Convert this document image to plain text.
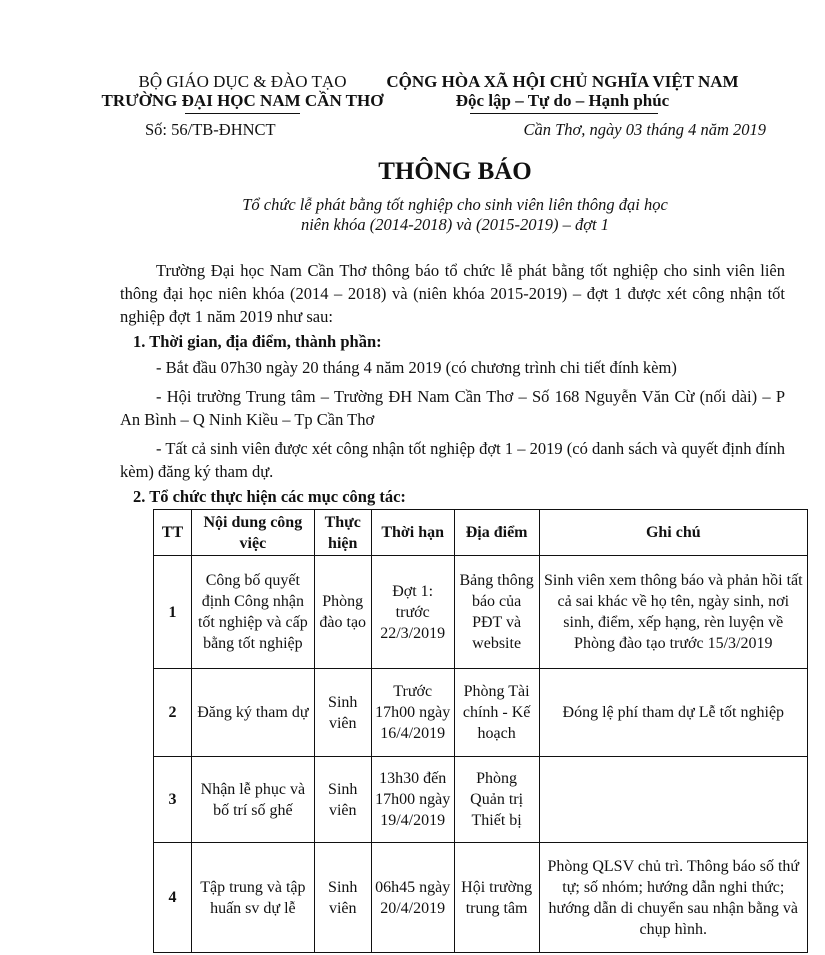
BỘ GIÁO DỤC & ĐÀO TẠO
TRƯỜNG ĐẠI HỌC NAM CẦN THƠ
CỘNG HÒA XÃ HỘI CHỦ NGHĨA VIỆT NAM
Độc lập – Tự do – Hạnh phúc
Số: 56/TB-ĐHNCT	Cần Thơ, ngày 03 tháng 4 năm 2019
THÔNG BÁO
Tổ chức lễ phát bằng tốt nghiệp cho sinh viên liên thông đại học
niên khóa (2014-2018) và (2015-2019) – đợt 1
Trường Đại học Nam Cần Thơ thông báo tổ chức lễ phát bằng tốt nghiệp cho sinh viên liên thông đại học niên khóa (2014 – 2018) và (niên khóa 2015-2019) – đợt 1 được xét công nhận tốt nghiệp đợt 1 năm 2019 như sau:
1. Thời gian, địa điểm, thành phần:
- Bắt đầu 07h30 ngày 20 tháng 4 năm 2019 (có chương trình chi tiết đính kèm)
- Hội trường Trung tâm – Trường ĐH Nam Cần Thơ – Số 168 Nguyễn Văn Cừ (nối dài) – P An Bình – Q Ninh Kiều – Tp Cần Thơ
- Tất cả sinh viên được xét công nhận tốt nghiệp đợt 1 – 2019 (có danh sách và quyết định đính kèm) đăng ký tham dự.
2. Tổ chức thực hiện các mục công tác:
TT	Nội dung công việc	Thực hiện	Thời hạn	Địa điểm	Ghi chú
1	Công bố quyết định Công nhận tốt nghiệp và cấp bằng tốt nghiệp	Phòng đào tạo	Đợt 1: trước 22/3/2019	Bảng thông báo của PĐT và website	Sinh viên xem thông báo và phản hồi tất cả sai khác về họ tên, ngày sinh, nơi sinh, điểm, xếp hạng, rèn luyện về Phòng đào tạo trước 15/3/2019
2	Đăng ký tham dự	Sinh viên	Trước 17h00 ngày 16/4/2019	Phòng Tài chính - Kế hoạch	Đóng lệ phí tham dự Lễ tốt nghiệp
3	Nhận lễ phục và bố trí số ghế	Sinh viên	13h30 đến 17h00 ngày 19/4/2019	Phòng Quản trị Thiết bị	
4	Tập trung và tập huấn sv dự lễ	Sinh viên	06h45 ngày 20/4/2019	Hội trường trung tâm	Phòng QLSV chủ trì. Thông báo số thứ tự; số nhóm; hướng dẫn nghi thức; hướng dẫn di chuyển sau nhận bằng và chụp hình.
